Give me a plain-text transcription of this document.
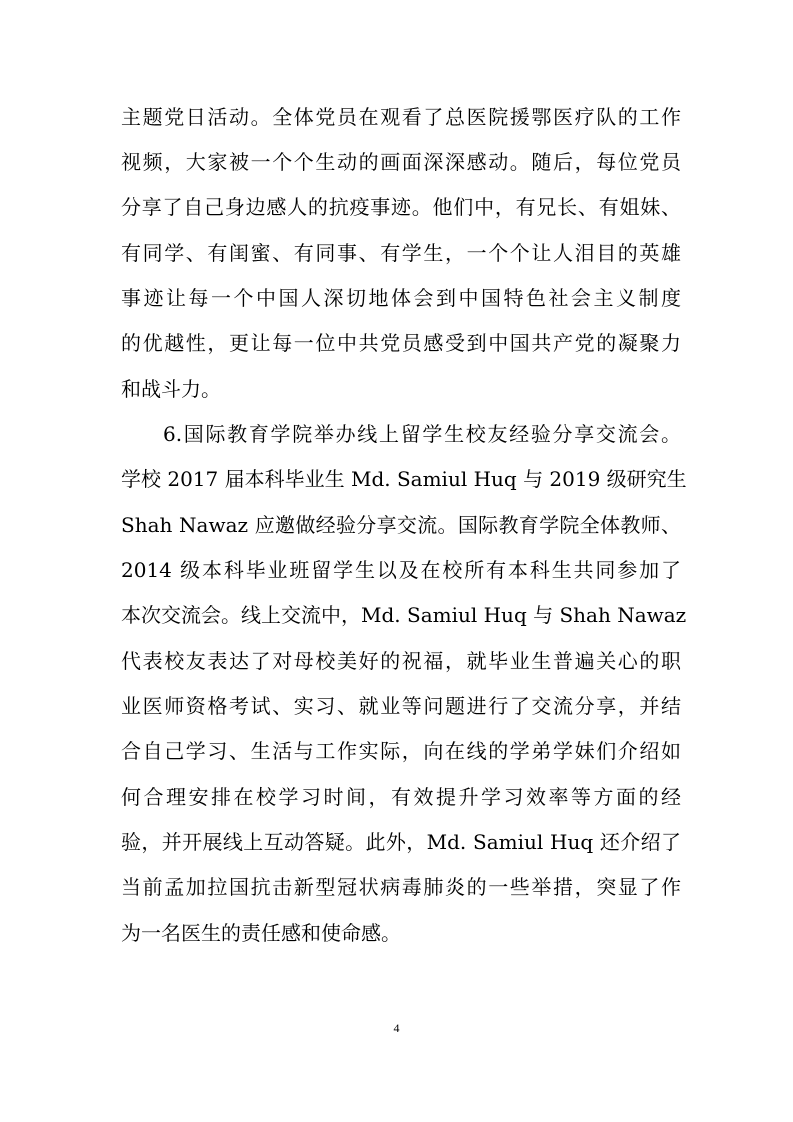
主题党日活动。全体党员在观看了总医院援鄂医疗队的工作
视频，大家被一个个生动的画面深深感动。随后，每位党员
分享了自己身边感人的抗疫事迹。他们中，有兄长、有姐妹、
有同学、有闺蜜、有同事、有学生，一个个让人泪目的英雄
事迹让每一个中国人深切地体会到中国特色社会主义制度
的优越性，更让每一位中共党员感受到中国共产党的凝聚力
和战斗力。
6.国际教育学院举办线上留学生校友经验分享交流会。
学校 2017 届本科毕业生 Md. Samiul Huq 与 2019 级研究生
Shah Nawaz 应邀做经验分享交流。国际教育学院全体教师、
2014 级本科毕业班留学生以及在校所有本科生共同参加了
本次交流会。线上交流中，Md. Samiul Huq 与 Shah Nawaz
代表校友表达了对母校美好的祝福，就毕业生普遍关心的职
业医师资格考试、实习、就业等问题进行了交流分享，并结
合自己学习、生活与工作实际，向在线的学弟学妹们介绍如
何合理安排在校学习时间，有效提升学习效率等方面的经
验，并开展线上互动答疑。此外，Md. Samiul Huq 还介绍了
当前孟加拉国抗击新型冠状病毒肺炎的一些举措，突显了作
为一名医生的责任感和使命感。
4
